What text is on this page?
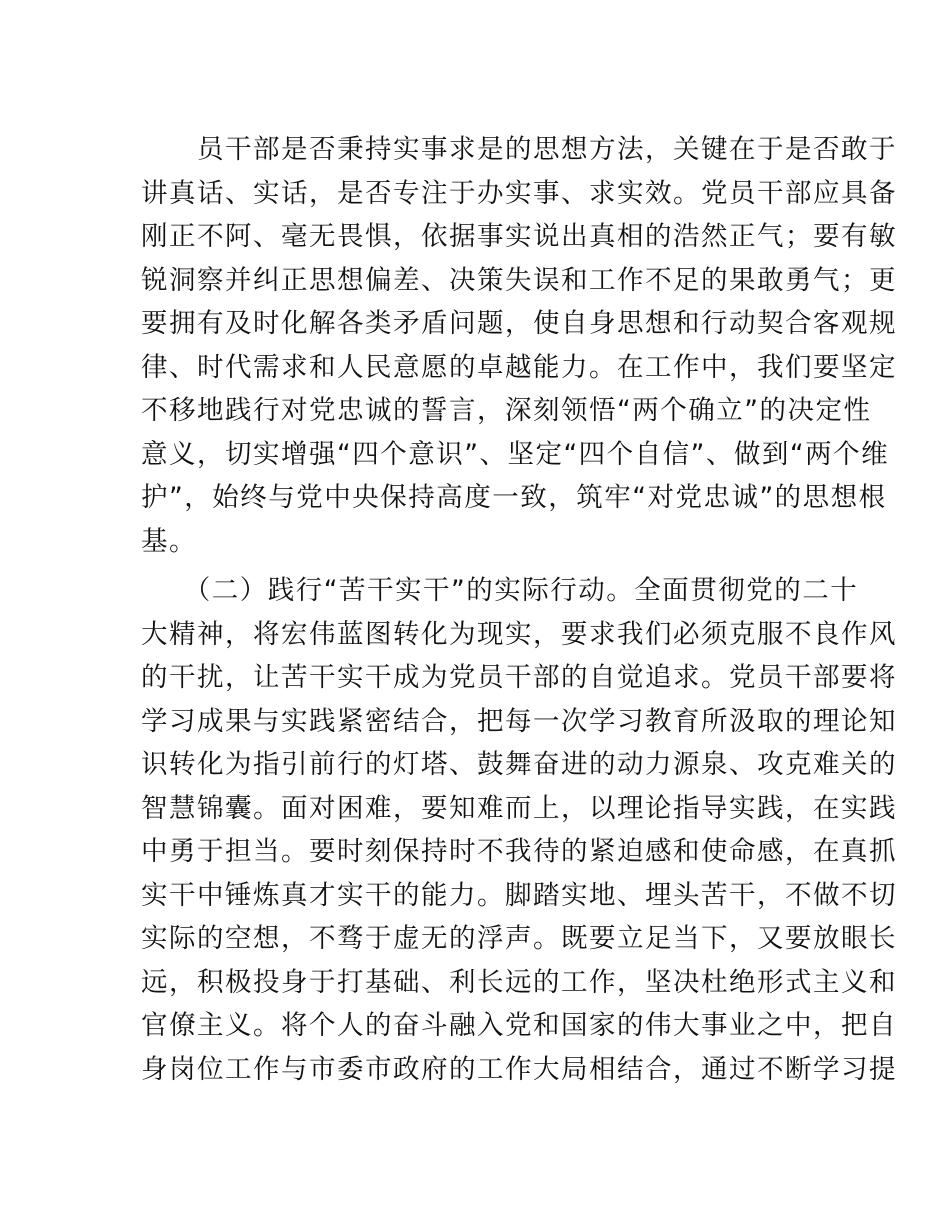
　　员干部是否秉持实事求是的思想方法，关键在于是否敢于
讲真话、实话，是否专注于办实事、求实效。党员干部应具备
刚正不阿、毫无畏惧，依据事实说出真相的浩然正气；要有敏
锐洞察并纠正思想偏差、决策失误和工作不足的果敢勇气；更
要拥有及时化解各类矛盾问题，使自身思想和行动契合客观规
律、时代需求和人民意愿的卓越能力。在工作中，我们要坚定
不移地践行对党忠诚的誓言，深刻领悟“两个确立”的决定性
意义，切实增强“四个意识”、坚定“四个自信”、做到“两个维
护”，始终与党中央保持高度一致，筑牢“对党忠诚”的思想根
基。
　　（二）践行“苦干实干”的实际行动。全面贯彻党的二十
大精神，将宏伟蓝图转化为现实，要求我们必须克服不良作风
的干扰，让苦干实干成为党员干部的自觉追求。党员干部要将
学习成果与实践紧密结合，把每一次学习教育所汲取的理论知
识转化为指引前行的灯塔、鼓舞奋进的动力源泉、攻克难关的
智慧锦囊。面对困难，要知难而上，以理论指导实践，在实践
中勇于担当。要时刻保持时不我待的紧迫感和使命感，在真抓
实干中锤炼真才实干的能力。脚踏实地、埋头苦干，不做不切
实际的空想，不骛于虚无的浮声。既要立足当下，又要放眼长
远，积极投身于打基础、利长远的工作，坚决杜绝形式主义和
官僚主义。将个人的奋斗融入党和国家的伟大事业之中，把自
身岗位工作与市委市政府的工作大局相结合，通过不断学习提
